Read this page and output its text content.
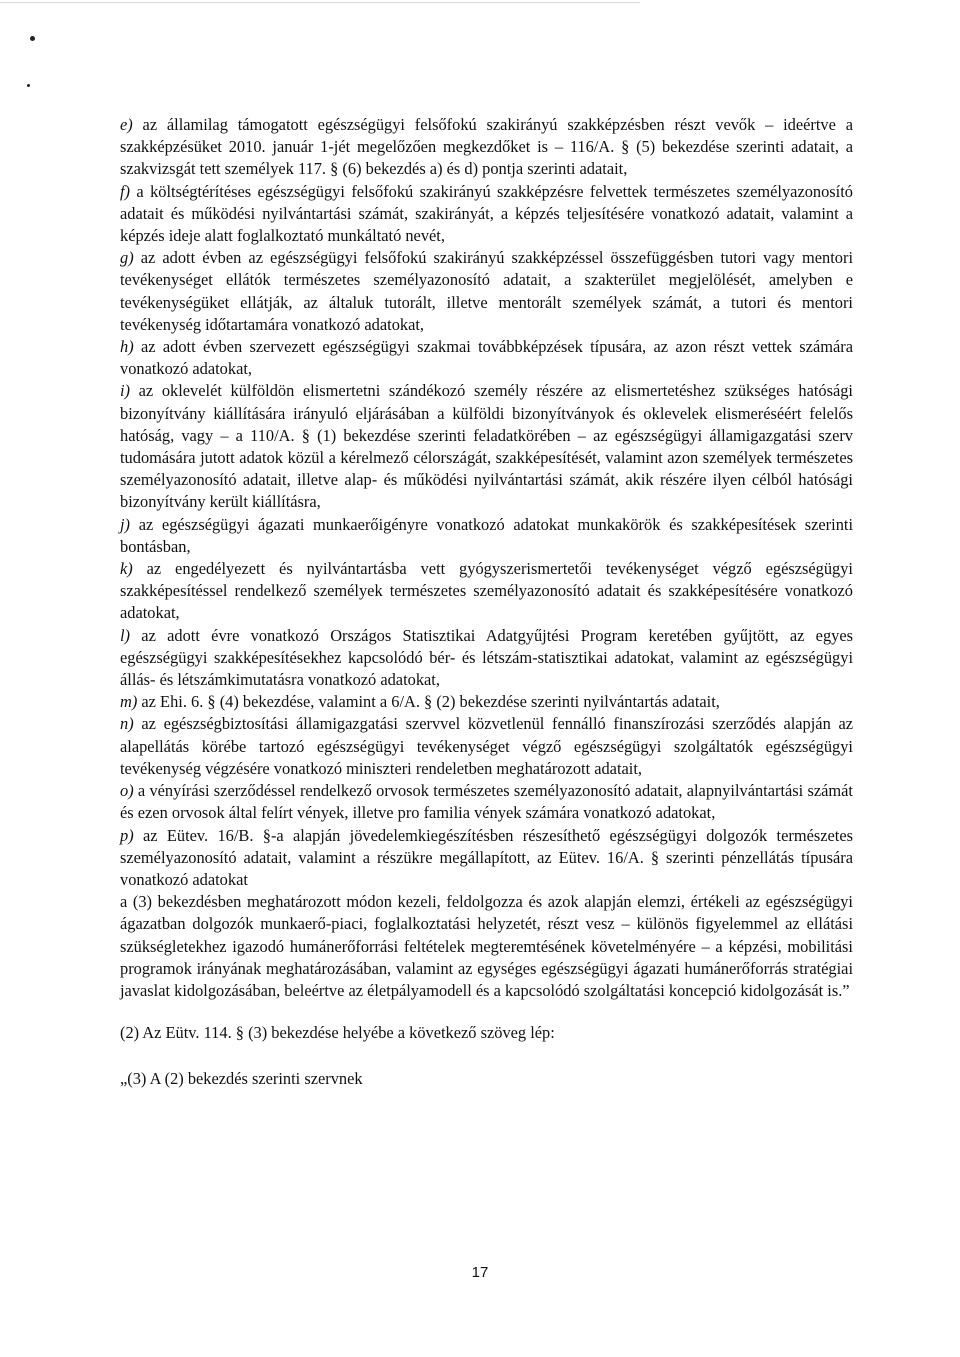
e) az államilag támogatott egészségügyi felsőfokú szakirányú szakképzésben részt vevők – ideértve a szakképzésüket 2010. január 1-jét megelőzően megkezdőket is – 116/A. § (5) bekezdése szerinti adatait, a szakvizsgát tett személyek 117. § (6) bekezdés a) és d) pontja szerinti adatait,

f) a költségtérítéses egészségügyi felsőfokú szakirányú szakképzésre felvettek természetes személyazonosító adatait és működési nyilvántartási számát, szakirányát, a képzés teljesítésére vonatkozó adatait, valamint a képzés ideje alatt foglalkoztató munkáltató nevét,

g) az adott évben az egészségügyi felsőfokú szakirányú szakképzéssel összefüggésben tutori vagy mentori tevékenységet ellátók természetes személyazonosító adatait, a szakterület megjelölését, amelyben e tevékenységüket ellátják, az általuk tutorált, illetve mentorált személyek számát, a tutori és mentori tevékenység időtartamára vonatkozó adatokat,

h) az adott évben szervezett egészségügyi szakmai továbbképzések típusára, az azon részt vettek számára vonatkozó adatokat,

i) az oklevelét külföldön elismertetni szándékozó személy részére az elismertetéshez szükséges hatósági bizonyítvány kiállítására irányuló eljárásában a külföldi bizonyítványok és oklevelek elismeréséért felelős hatóság, vagy – a 110/A. § (1) bekezdése szerinti feladatkörében – az egészségügyi államigazgatási szerv tudomására jutott adatok közül a kérelmező célországát, szakképesítését, valamint azon személyek természetes személyazonosító adatait, illetve alap- és működési nyilvántartási számát, akik részére ilyen célból hatósági bizonyítvány került kiállításra,

j) az egészségügyi ágazati munkaerőigényre vonatkozó adatokat munkakörök és szakképesítések szerinti bontásban,

k) az engedélyezett és nyilvántartásba vett gyógyszerismertetői tevékenységet végző egészségügyi szakképesítéssel rendelkező személyek természetes személyazonosító adatait és szakképesítésére vonatkozó adatokat,

l) az adott évre vonatkozó Országos Statisztikai Adatgyűjtési Program keretében gyűjtött, az egyes egészségügyi szakképesítésekhez kapcsolódó bér- és létszám-statisztikai adatokat, valamint az egészségügyi állás- és létszámkimutatásra vonatkozó adatokat,

m) az Ehi. 6. § (4) bekezdése, valamint a 6/A. § (2) bekezdése szerinti nyilvántartás adatait,

n) az egészségbiztosítási államigazgatási szervvel közvetlenül fennálló finanszírozási szerződés alapján az alapellátás körébe tartozó egészségügyi tevékenységet végző egészségügyi szolgáltatók egészségügyi tevékenység végzésére vonatkozó miniszteri rendeletben meghatározott adatait,

o) a vényírási szerződéssel rendelkező orvosok természetes személyazonosító adatait, alapnyilvántartási számát és ezen orvosok által felírt vények, illetve pro familia vények számára vonatkozó adatokat,

p) az Eütev. 16/B. §-a alapján jövedelemkiegészítésben részesíthető egészségügyi dolgozók természetes személyazonosító adatait, valamint a részükre megállapított, az Eütev. 16/A. § szerinti pénzellátás típusára vonatkozó adatokat

a (3) bekezdésben meghatározott módon kezeli, feldolgozza és azok alapján elemzi, értékeli az egészségügyi ágazatban dolgozók munkaerő-piaci, foglalkoztatási helyzetét, részt vesz – különös figyelemmel az ellátási szükségletekhez igazodó humánerőforrási feltételek megteremtésének követelményére – a képzési, mobilitási programok irányának meghatározásában, valamint az egységes egészségügyi ágazati humánerőforrás stratégiai javaslat kidolgozásában, beleértve az életpályamodell és a kapcsolódó szolgáltatási koncepció kidolgozását is.”

(2) Az Eütv. 114. § (3) bekezdése helyébe a következő szöveg lép:

„(3) A (2) bekezdés szerinti szervnek

17
